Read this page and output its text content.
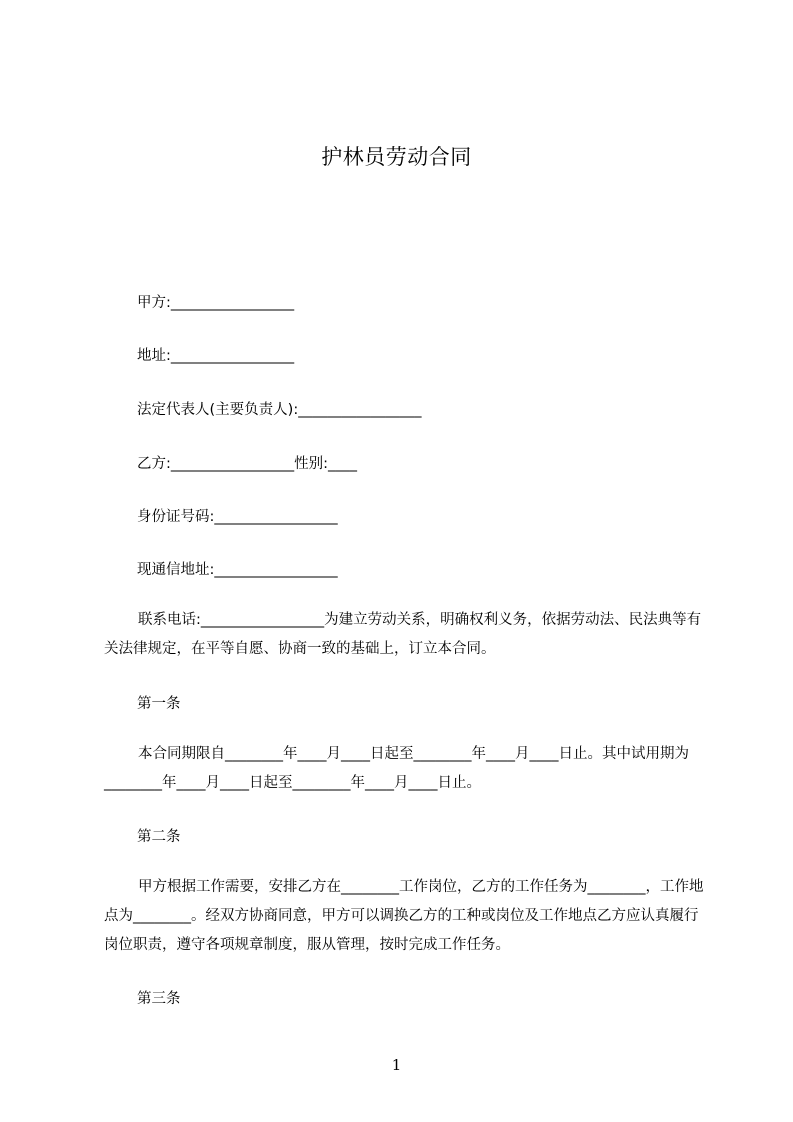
护林员劳动合同
甲方:_________________
地址:_________________
法定代表人(主要负责人):_________________
乙方:_________________性别:____
身份证号码:_________________
现通信地址:_________________
联系电话:_________________为建立劳动关系，明确权利义务，依据劳动法、民法典等有关法律规定，在平等自愿、协商一致的基础上，订立本合同。
第一条
本合同期限自________年____月____日起至________年____月____日止。其中试用期为________年____月____日起至________年____月____日止。
第二条
甲方根据工作需要，安排乙方在________工作岗位，乙方的工作任务为________，工作地点为________。经双方协商同意，甲方可以调换乙方的工种或岗位及工作地点乙方应认真履行岗位职责，遵守各项规章制度，服从管理，按时完成工作任务。
第三条
1
